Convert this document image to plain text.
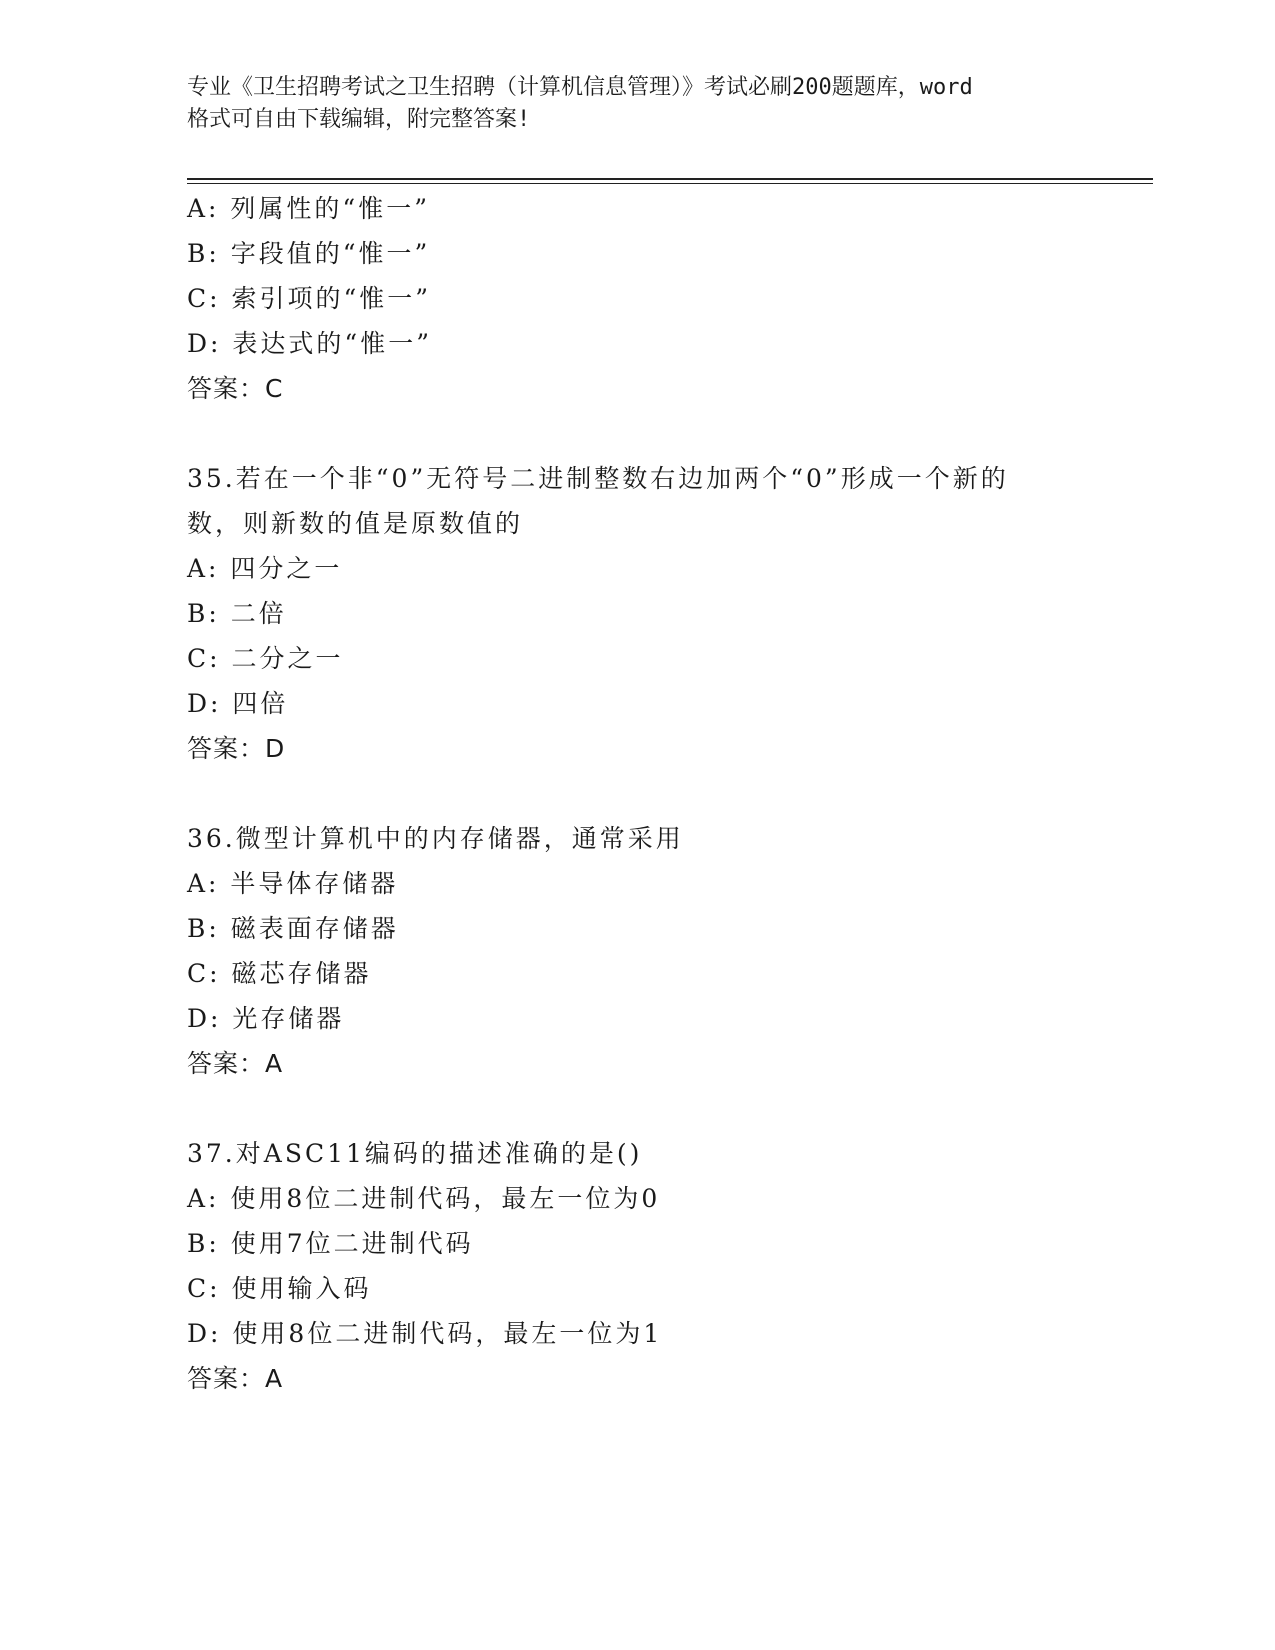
专业《卫生招聘考试之卫生招聘（计算机信息管理）》考试必刷200题题库，word
格式可自由下载编辑，附完整答案!
A: 列属性的“惟一”
B: 字段值的“惟一”
C: 索引项的“惟一”
D: 表达式的“惟一”
答案：C
35.若在一个非“0”无符号二进制整数右边加两个“0”形成一个新的
数，则新数的值是原数值的
A: 四分之一
B: 二倍
C: 二分之一
D: 四倍
答案：D
36.微型计算机中的内存储器，通常采用
A: 半导体存储器
B: 磁表面存储器
C: 磁芯存储器
D: 光存储器
答案：A
37.对ASC11编码的描述准确的是()
A: 使用8位二进制代码，最左一位为0
B: 使用7位二进制代码
C: 使用输入码
D: 使用8位二进制代码，最左一位为1
答案：A
